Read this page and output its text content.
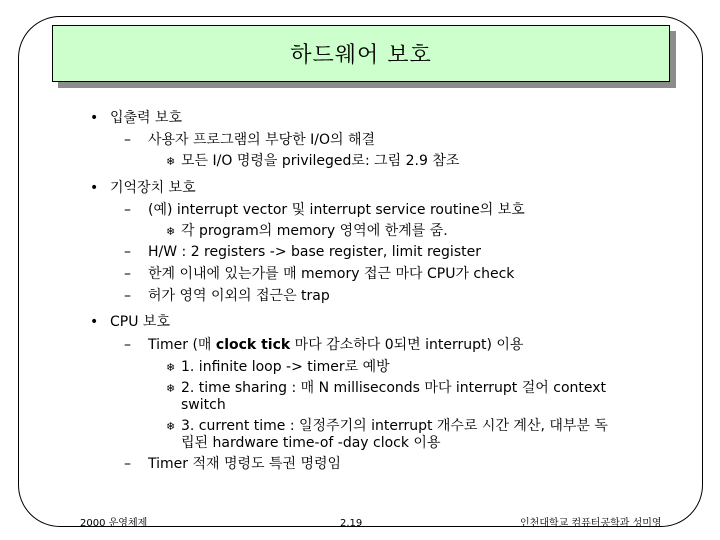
하드웨어 보호
• 입출력 보호
– 사용자 프로그램의 부당한 I/O의 해결
❄ 모든 I/O 명령을 privileged로: 그림 2.9 참조
• 기억장치 보호
– (예) interrupt vector 및 interrupt service routine의 보호
❄ 각 program의 memory 영역에 한계를 줌.
– H/W : 2 registers -> base register, limit register
– 한계 이내에 있는가를 매 memory 접근 마다 CPU가 check
– 허가 영역 이외의 접근은 trap
• CPU 보호
– Timer (매 clock tick 마다 감소하다 0되면 interrupt) 이용
❄ 1. infinite loop -> timer로 예방
❄ 2. time sharing : 매 N milliseconds 마다 interrupt 걸어 context
switch
❄ 3. current time : 일정주기의 interrupt 개수로 시간 계산, 대부분 독
립된 hardware time-of -day clock 이용
– Timer 적재 명령도 특권 명령임
2000 운영체제	2.19	인천대학교 컴퓨터공학과 성미영
